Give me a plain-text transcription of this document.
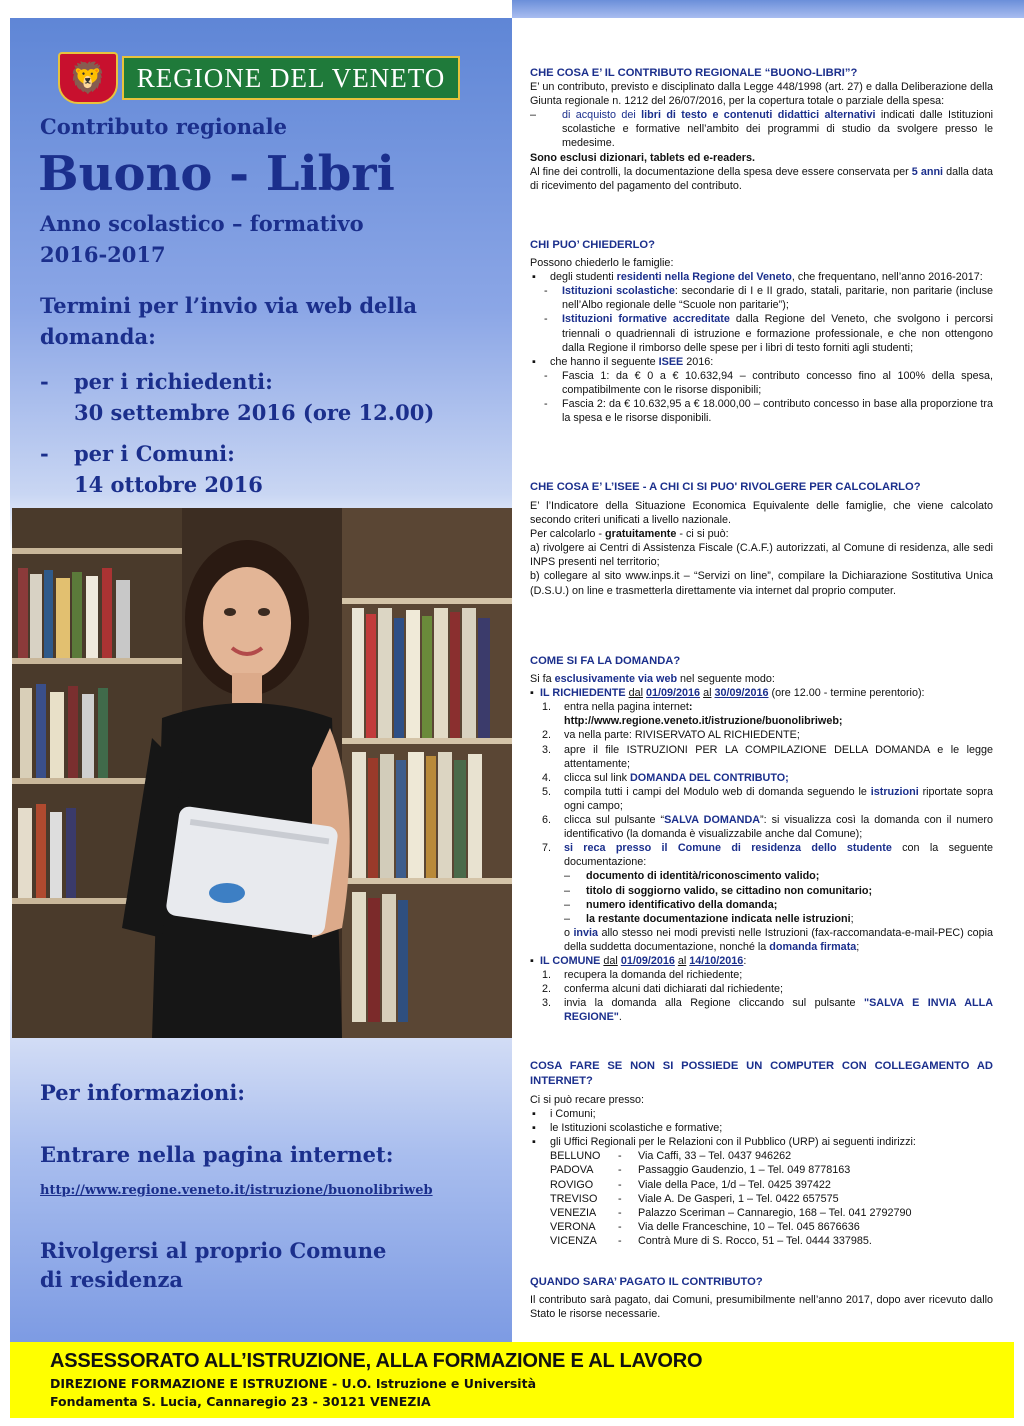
🦁	REGIONE DEL VENETO
Contributo regionale
Buono - Libri
Anno scolastico – formativo
2016-2017
Termini per l’invio via web della
domanda:
- per i richiedenti:
30 settembre 2016 (ore 12.00)
- per i Comuni:
14 ottobre 2016
Per informazioni:
Entrare nella pagina internet:
http://www.regione.veneto.it/istruzione/buonolibriweb
Rivolgersi al proprio Comune
di residenza
CHE COSA E’ IL CONTRIBUTO REGIONALE “BUONO-LIBRI”?
E’ un contributo, previsto e disciplinato dalla Legge 448/1998 (art. 27) e dalla Deliberazione della Giunta regionale n. 1212 del 26/07/2016, per la copertura totale o parziale della spesa:
– di acquisto dei libri di testo e contenuti didattici alternativi indicati dalle Istituzioni scolastiche e formative nell’ambito dei programmi di studio da svolgere presso le medesime.
Sono esclusi dizionari, tablets ed e-readers.
Al fine dei controlli, la documentazione della spesa deve essere conservata per 5 anni dalla data di ricevimento del pagamento del contributo.
CHI PUO’ CHIEDERLO?
Possono chiederlo le famiglie:
▪ degli studenti residenti nella Regione del Veneto, che frequentano, nell’anno 2016-2017:
- Istituzioni scolastiche: secondarie di I e II grado, statali, paritarie, non paritarie (incluse nell’Albo regionale delle “Scuole non paritarie”);
- Istituzioni formative accreditate dalla Regione del Veneto, che svolgono i percorsi triennali o quadriennali di istruzione e formazione professionale, e che non ottengono dalla Regione il rimborso delle spese per i libri di testo forniti agli studenti;
▪ che hanno il seguente ISEE 2016:
- Fascia 1: da € 0 a € 10.632,94 – contributo concesso fino al 100% della spesa, compatibilmente con le risorse disponibili;
- Fascia 2: da € 10.632,95 a € 18.000,00 – contributo concesso in base alla proporzione tra la spesa e le risorse disponibili.
CHE COSA E’ L’ISEE - A CHI CI SI PUO' RIVOLGERE PER CALCOLARLO?
E’ l’Indicatore della Situazione Economica Equivalente delle famiglie, che viene calcolato secondo criteri unificati a livello nazionale.
Per calcolarlo - gratuitamente - ci si può:
a) rivolgere ai Centri di Assistenza Fiscale (C.A.F.) autorizzati, al Comune di residenza, alle sedi INPS presenti nel territorio;
b) collegare al sito www.inps.it – “Servizi on line”, compilare la Dichiarazione Sostitutiva Unica (D.S.U.) on line e trasmetterla direttamente via internet dal proprio computer.
COME SI FA LA DOMANDA?
Si fa esclusivamente via web nel seguente modo:
▪ IL RICHIEDENTE dal 01/09/2016 al 30/09/2016 (ore 12.00 - termine perentorio):
1. entra nella pagina internet:
http://www.regione.veneto.it/istruzione/buonolibriweb;
2. va nella parte: RIVISERVATO AL RICHIEDENTE;
3. apre il file ISTRUZIONI PER LA COMPILAZIONE DELLA DOMANDA e le legge attentamente;
4. clicca sul link DOMANDA DEL CONTRIBUTO;
5. compila tutti i campi del Modulo web di domanda seguendo le istruzioni riportate sopra ogni campo;
6. clicca sul pulsante “SALVA DOMANDA”: si visualizza così la domanda con il numero identificativo (la domanda è visualizzabile anche dal Comune);
7. si reca presso il Comune di residenza dello studente con la seguente documentazione:
– documento di identità/riconoscimento valido;
– titolo di soggiorno valido, se cittadino non comunitario;
– numero identificativo della domanda;
– la restante documentazione indicata nelle istruzioni;
o invia allo stesso nei modi previsti nelle Istruzioni (fax-raccomandata-e-mail-PEC) copia della suddetta documentazione, nonché la domanda firmata;
▪ IL COMUNE dal 01/09/2016 al 14/10/2016:
1. recupera la domanda del richiedente;
2. conferma alcuni dati dichiarati dal richiedente;
3. invia la domanda alla Regione cliccando sul pulsante "SALVA E INVIA ALLA REGIONE".
COSA FARE SE NON SI POSSIEDE UN COMPUTER CON COLLEGAMENTO AD INTERNET?
Ci si può recare presso:
▪ i Comuni;
▪ le Istituzioni scolastiche e formative;
▪ gli Uffici Regionali per le Relazioni con il Pubblico (URP) ai seguenti indirizzi:
BELLUNO - Via Caffi, 33 – Tel. 0437 946262
PADOVA - Passaggio Gaudenzio, 1 – Tel. 049 8778163
ROVIGO - Viale della Pace, 1/d – Tel. 0425 397422
TREVISO - Viale A. De Gasperi, 1 – Tel. 0422 657575
VENEZIA - Palazzo Sceriman – Cannaregio, 168 – Tel. 041 2792790
VERONA - Via delle Franceschine, 10 – Tel. 045 8676636
VICENZA - Contrà Mure di S. Rocco, 51 – Tel. 0444 337985.
QUANDO SARA’ PAGATO IL CONTRIBUTO?
Il contributo sarà pagato, dai Comuni, presumibilmente nell’anno 2017, dopo aver ricevuto dallo Stato le risorse necessarie.
ASSESSORATO ALL’ISTRUZIONE, ALLA FORMAZIONE E AL LAVORO
DIREZIONE FORMAZIONE E ISTRUZIONE - U.O. Istruzione e Università
Fondamenta S. Lucia, Cannaregio 23 - 30121 VENEZIA
